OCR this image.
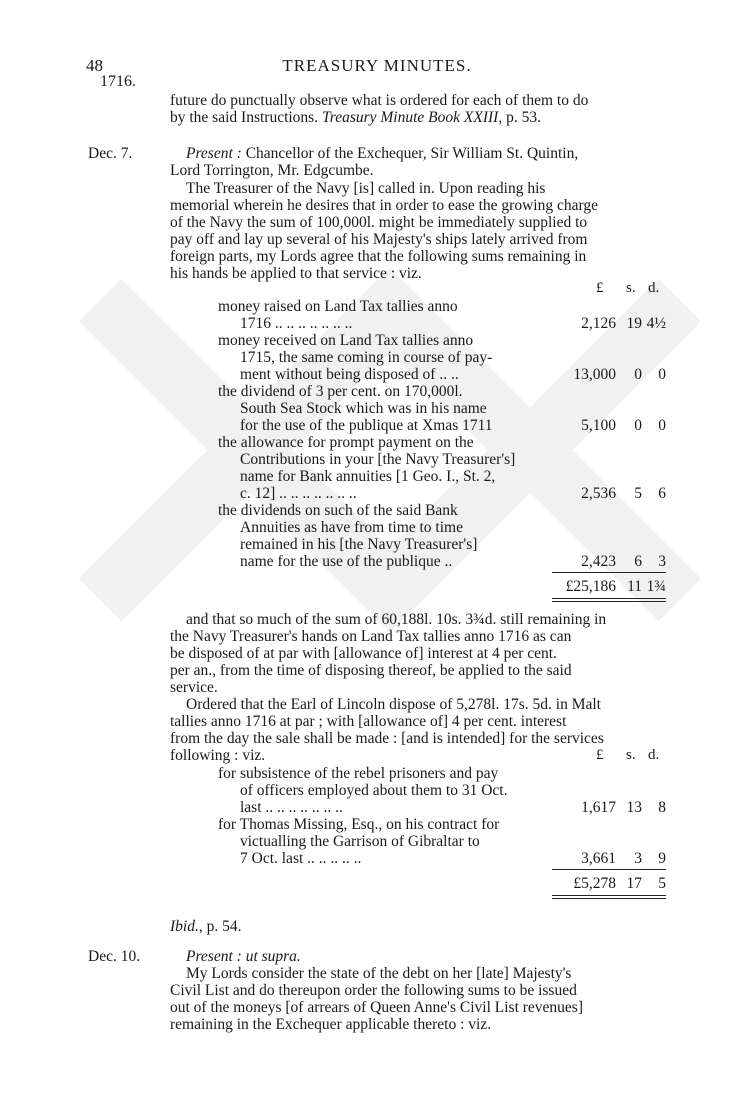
48	TREASURY MINUTES.
1716.

future do punctually observe what is ordered for each of them to do

by the said Instructions. Treasury Minute Book XXIII, p. 53.

Dec. 7.	Present : Chancellor of the Exchequer, Sir William St. Quintin,

Lord Torrington, Mr. Edgcumbe.

The Treasurer of the Navy [is] called in. Upon reading his

memorial wherein he desires that in order to ease the growing charge

of the Navy the sum of 100,000l. might be immediately supplied to

pay off and lay up several of his Majesty's ships lately arrived from

foreign parts, my Lords agree that the following sums remaining in

his hands be applied to that service : viz.

£ s. d.
money raised on Land Tax tallies anno
1716 .. .. .. .. .. .. ..	2,126 19 4½
money received on Land Tax tallies anno
1715, the same coming in course of pay-
ment without being disposed of .. ..	13,000	0	0
the dividend of 3 per cent. on 170,000l.
South Sea Stock which was in his name
for the use of the publique at Xmas 1711	5,100	0	0
the allowance for prompt payment on the
Contributions in your [the Navy Treasurer's]
name for Bank annuities [1 Geo. I., St. 2,
c. 12] .. .. .. .. .. .. ..	2,536	5	6
the dividends on such of the said Bank
Annuities as have from time to time
remained in his [the Navy Treasurer's]
name for the use of the publique ..	2,423	6	3
£25,186 11 1¾

and that so much of the sum of 60,188l. 10s. 3¾d. still remaining in

the Navy Treasurer's hands on Land Tax tallies anno 1716 as can

be disposed of at par with [allowance of] interest at 4 per cent.

per an., from the time of disposing thereof, be applied to the said

service.

Ordered that the Earl of Lincoln dispose of 5,278l. 17s. 5d. in Malt

tallies anno 1716 at par ; with [allowance of] 4 per cent. interest

from the day the sale shall be made : [and is intended] for the services

following : viz.	£ s. d.
for subsistence of the rebel prisoners and pay
of officers employed about them to 31 Oct.
last .. .. .. .. .. .. ..	1,617 13	8
for Thomas Missing, Esq., on his contract for
victualling the Garrison of Gibraltar to
7 Oct. last .. .. .. .. ..	3,661	3	9
£5,278 17	5

Ibid., p. 54.

Dec. 10.	Present : ut supra.

My Lords consider the state of the debt on her [late] Majesty's

Civil List and do thereupon order the following sums to be issued

out of the moneys [of arrears of Queen Anne's Civil List revenues]

remaining in the Exchequer applicable thereto : viz.
